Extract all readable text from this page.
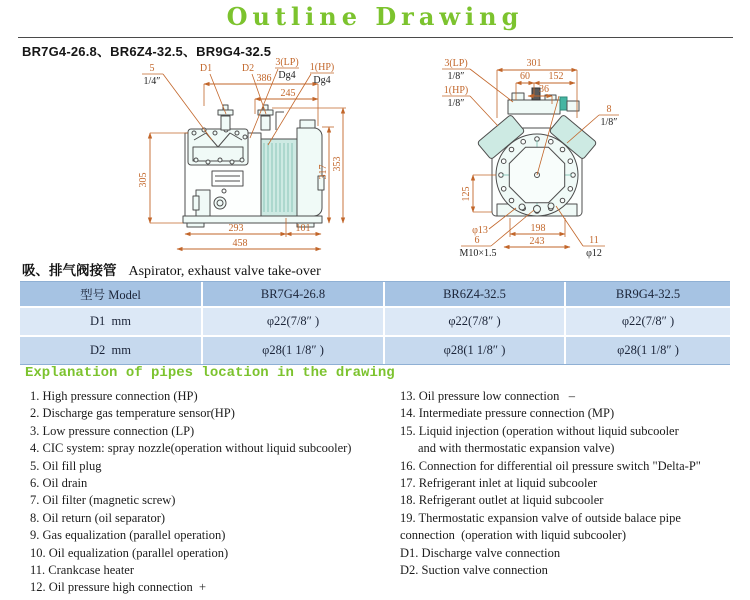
Outline Drawing
BR7G4-26.8、BR6Z4-32.5、BR9G4-32.5
386
245
5
1/4″
D1	D2
3(LP)
Dg4
1(HP)
Dg4
305
317
353
293	101
458
301
60 152
36
3(LP)
1/8″
1(HP)
1/8″
8
1/8″
125
φ13	198
243
6
M10×1.5
11
φ12
吸、排气阀接管 Aspirator, exhaust valve take-over
型号 Model	BR7G4-26.8	BR6Z4-32.5	BR9G4-32.5
D1  mm	φ22(7/8″ )	φ22(7/8″ )	φ22(7/8″ )
D2  mm	φ28(1 1/8″ )	φ28(1 1/8″ )	φ28(1 1/8″ )
Explanation of pipes location in the drawing
1. High pressure connection (HP)
2. Discharge gas temperature sensor(HP)
3. Low pressure connection (LP)
4. CIC system: spray nozzle(operation without liquid subcooler)
5. Oil fill plug
6. Oil drain
7. Oil filter (magnetic screw)
8. Oil return (oil separator)
9. Gas equalization (parallel operation)
10. Oil equalization (parallel operation)
11. Crankcase heater
12. Oil pressure high connection  +
13. Oil pressure low connection   –
14. Intermediate pressure connection (MP)
15. Liquid injection (operation without liquid subcooler
and with thermostatic expansion valve)
16. Connection for differential oil pressure switch "Delta-P"
17. Refrigerant inlet at liquid subcooler
18. Refrigerant outlet at liquid subcooler
19. Thermostatic expansion valve of outside balace pipe
connection  (operation with liquid subcooler)
D1. Discharge valve connection
D2. Suction valve connection
